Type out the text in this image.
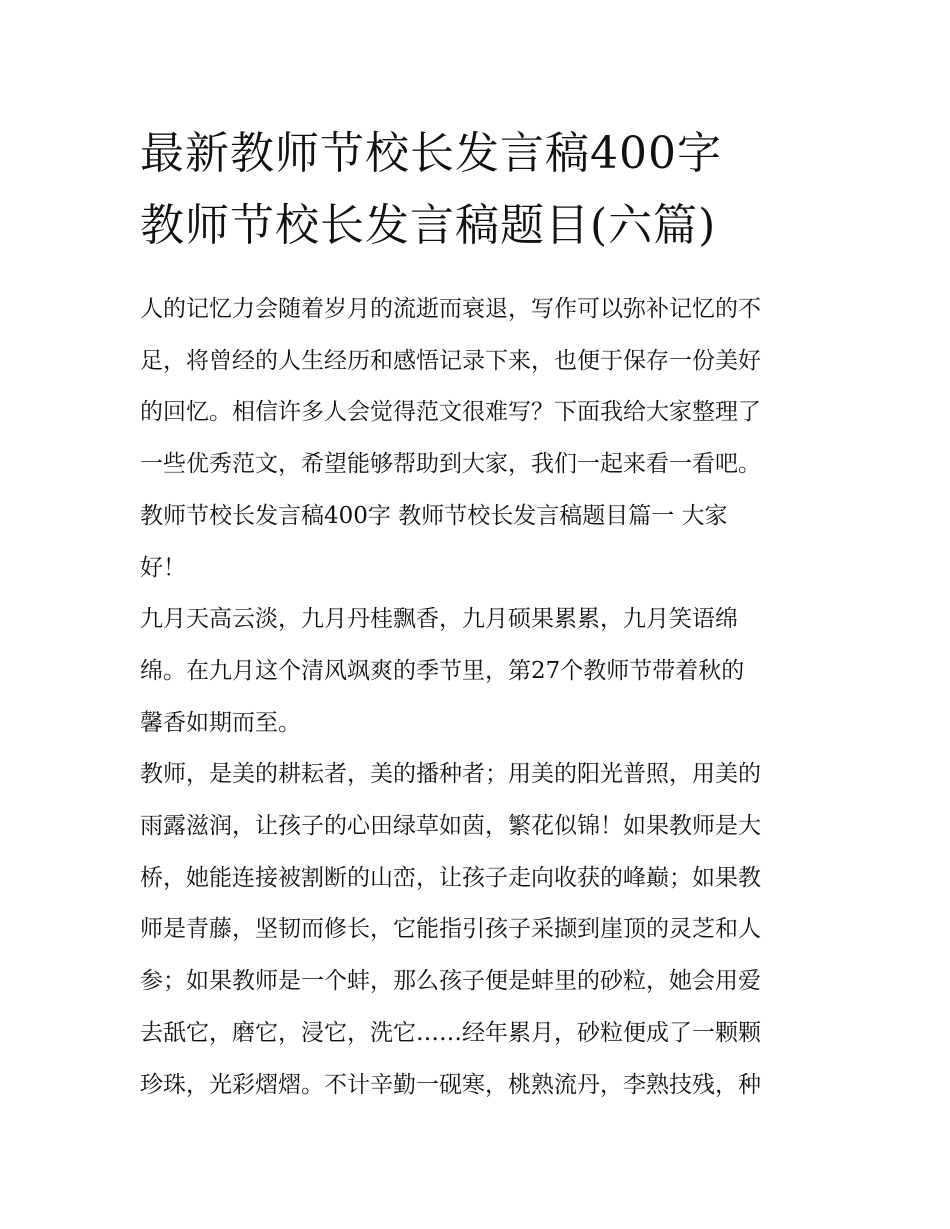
最新教师节校长发言稿400字
教师节校长发言稿题目(六篇)

人的记忆力会随着岁月的流逝而衰退，写作可以弥补记忆的不
足，将曾经的人生经历和感悟记录下来，也便于保存一份美好
的回忆。相信许多人会觉得范文很难写？下面我给大家整理了
一些优秀范文，希望能够帮助到大家，我们一起来看一看吧。

教师节校长发言稿400字 教师节校长发言稿题目篇一 大家
好！

九月天高云淡，九月丹桂飘香，九月硕果累累，九月笑语绵
绵。在九月这个清风飒爽的季节里，第27个教师节带着秋的
馨香如期而至。

教师，是美的耕耘者，美的播种者；用美的阳光普照，用美的
雨露滋润，让孩子的心田绿草如茵，繁花似锦！如果教师是大
桥，她能连接被割断的山峦，让孩子走向收获的峰巅；如果教
师是青藤，坚韧而修长，它能指引孩子采撷到崖顶的灵芝和人
参；如果教师是一个蚌，那么孩子便是蚌里的砂粒，她会用爱
去舐它，磨它，浸它，洗它……经年累月，砂粒便成了一颗颗
珍珠，光彩熠熠。不计辛勤一砚寒，桃熟流丹，李熟技残，种
